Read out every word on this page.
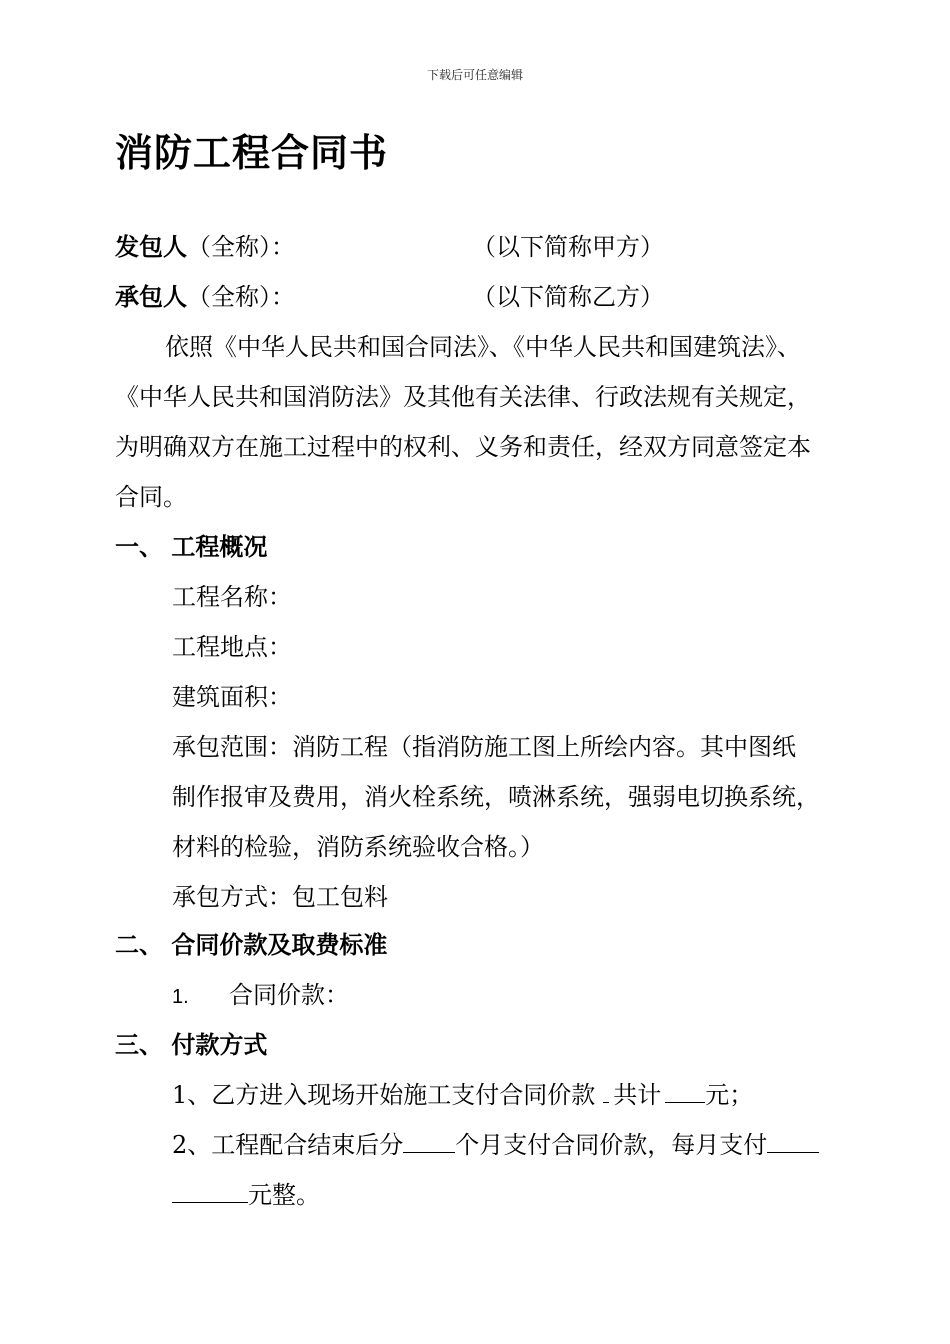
下载后可任意编辑
消防工程合同书
发包人（全称）：	（以下简称甲方）
承包人（全称）：	（以下简称乙方）
依照《中华人民共和国合同法》、《中华人民共和国建筑法》、
《中华人民共和国消防法》及其他有关法律、行政法规有关规定，
为明确双方在施工过程中的权利、义务和责任，经双方同意签定本
合同。
一、 工程概况
工程名称：
工程地点：
建筑面积：
承包范围：消防工程（指消防施工图上所绘内容。其中图纸
制作报审及费用，消火栓系统，喷淋系统，强弱电切换系统，
材料的检验，消防系统验收合格。）
承包方式：包工包料
二、 合同价款及取费标准
1. 合同价款：
三、 付款方式
1、乙方进入现场开始施工支付合同价款 共计 元；
2、工程配合结束后分 个月支付合同价款，每月支付
元整。
